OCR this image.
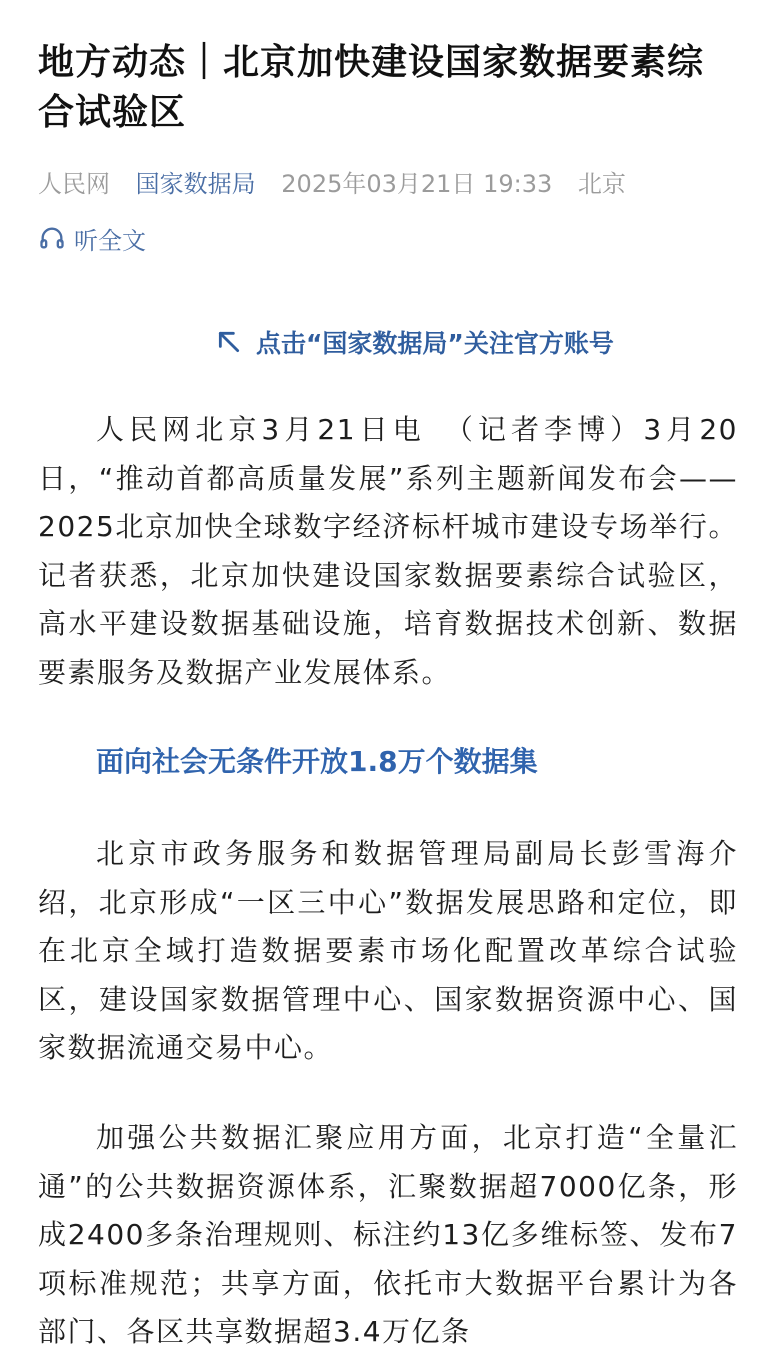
地方动态｜北京加快建设国家数据要素综合试验区
人民网 国家数据局 2025年03月21日 19:33 北京
听全文
点击“国家数据局”关注官方账号

人民网北京3月21日电　（记者李博）3月20日，“推动首都高质量发展”系列主题新闻发布会——2025北京加快全球数字经济标杆城市建设专场举行。记者获悉，北京加快建设国家数据要素综合试验区，高水平建设数据基础设施，培育数据技术创新、数据要素服务及数据产业发展体系。

面向社会无条件开放1.8万个数据集

北京市政务服务和数据管理局副局长彭雪海介绍，北京形成“一区三中心”数据发展思路和定位，即在北京全域打造数据要素市场化配置改革综合试验区，建设国家数据管理中心、国家数据资源中心、国家数据流通交易中心。

加强公共数据汇聚应用方面，北京打造“全量汇通”的公共数据资源体系，汇聚数据超7000亿条，形成2400多条治理规则、标注约13亿多维标签、发布7项标准规范；共享方面，依托市大数据平台累计为各部门、各区共享数据超3.4万亿条
